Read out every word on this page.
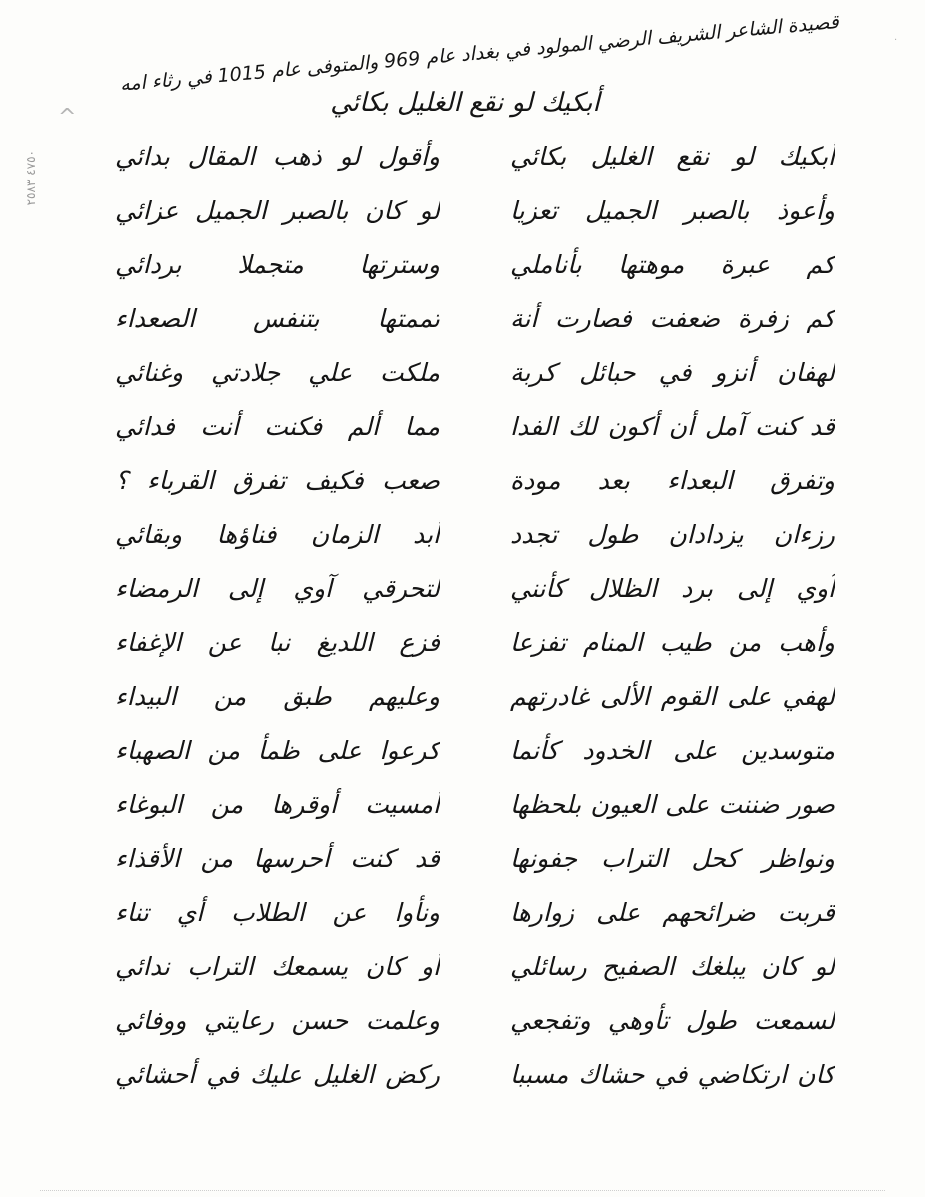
^
٤٧٥٠ ٢٥٨٣
·
قصيدة الشاعر الشريف الرضي المولود في بغداد عام 969 والمتوفى عام 1015 في رثاء امه
أبكيك لو نقع الغليل بكائي
أبكيك لو نقع الغليل بكائي
وأقول لو ذهب المقال بدائي
وأعوذ بالصبر الجميل تعزيا
لو كان بالصبر الجميل عزائي
كم عبرة موهتها بأناملي
وسترتها متجملا بردائي
كم زفرة ضعفت فصارت أنة
تممتها بتنفس الصعداء
لهفان أنزو في حبائل كربة
ملكت علي جلادتي وغنائي
قد كنت آمل أن أكون لك الفدا
مما ألم فكنت أنت فدائي
وتفرق البعداء بعد مودة
صعب فكيف تفرق القرباء ؟
رزءان يزدادان طول تجدد
أبد الزمان فناؤها وبقائي
آوي إلى برد الظلال كأنني
لتحرقي آوي إلى الرمضاء
وأهب من طيب المنام تفزعا
فزع اللديغ نبا عن الإغفاء
لهفي على القوم الألى غادرتهم
وعليهم طبق من البيداء
متوسدين على الخدود كأنما
كرعوا على ظمأ من الصهباء
صور ضننت على العيون بلحظها
أمسيت أوقرها من البوغاء
ونواظر كحل التراب جفونها
قد كنت أحرسها من الأقذاء
قربت ضرائحهم على زوارها
ونأوا عن الطلاب أي تناء
لو كان يبلغك الصفيح رسائلي
أو كان يسمعك التراب ندائي
لسمعت طول تأوهي وتفجعي
وعلمت حسن رعايتي ووفائي
كان ارتكاضي في حشاك مسببا
ركض الغليل عليك في أحشائي
